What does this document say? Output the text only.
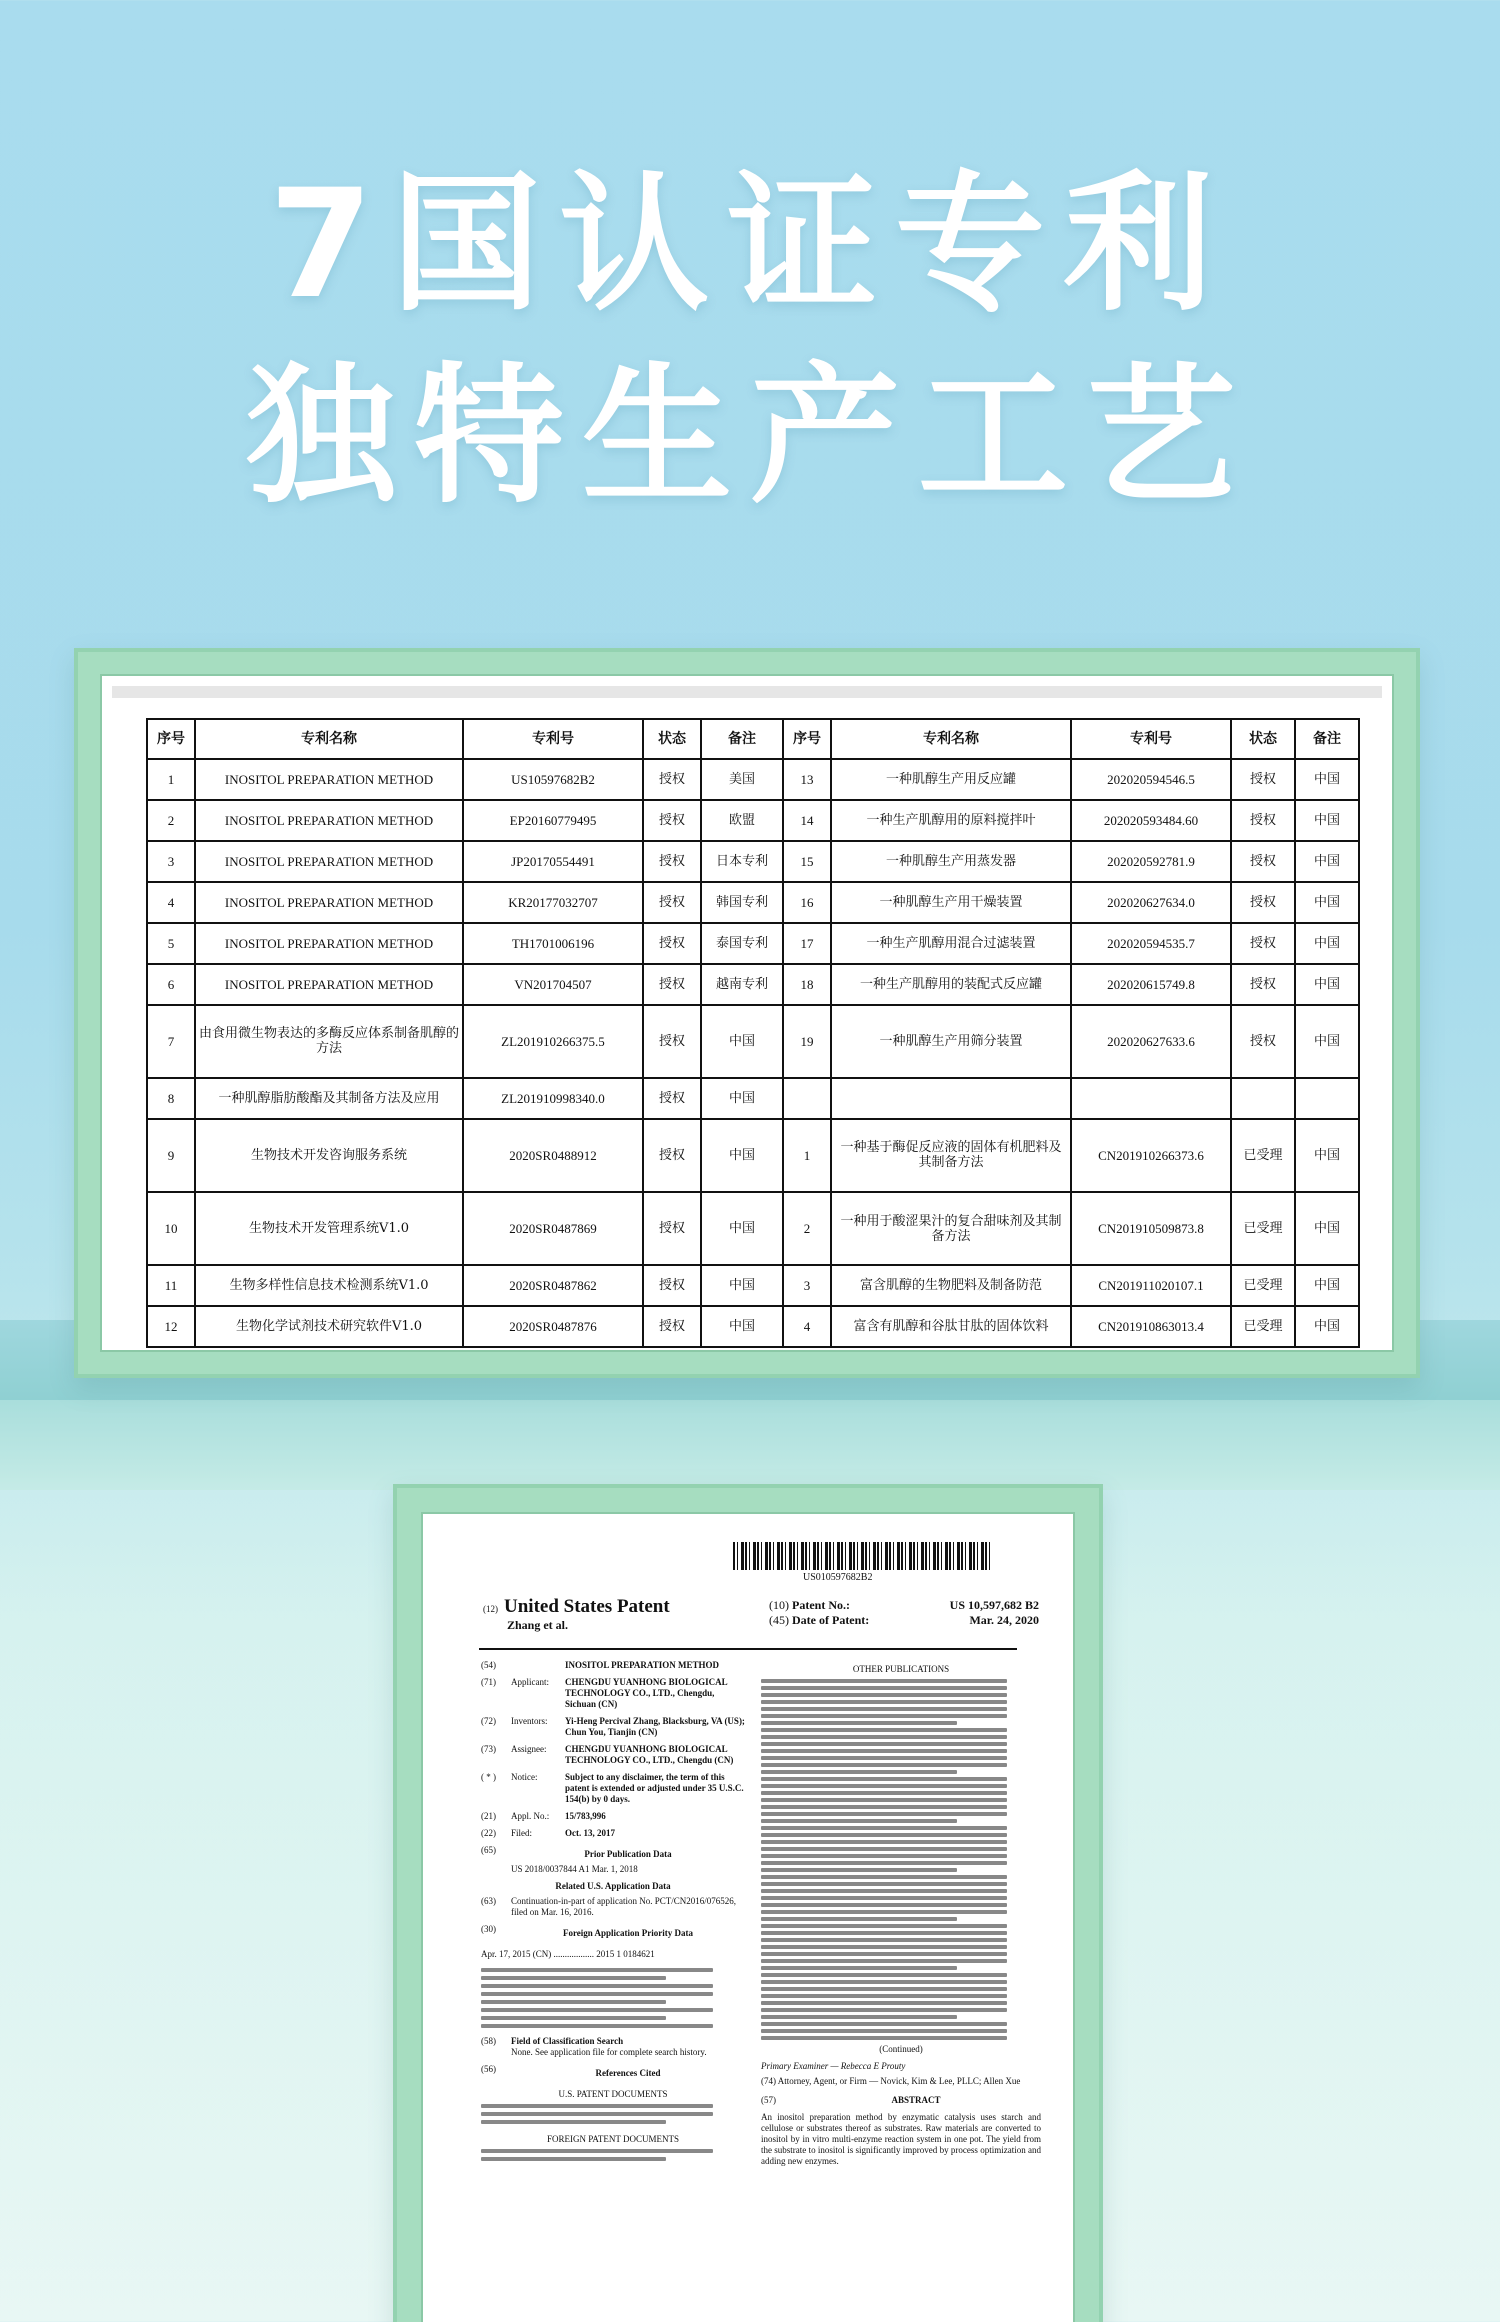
7国认证专利
独特生产工艺
序号	专利名称	专利号	状态	备注	序号	专利名称	专利号	状态	备注
1	INOSITOL PREPARATION METHOD	US10597682B2	授权	美国	13	一种肌醇生产用反应罐	202020594546.5	授权	中国
2	INOSITOL PREPARATION METHOD	EP20160779495	授权	欧盟	14	一种生产肌醇用的原料搅拌叶	202020593484.60	授权	中国
3	INOSITOL PREPARATION METHOD	JP20170554491	授权	日本专利	15	一种肌醇生产用蒸发器	202020592781.9	授权	中国
4	INOSITOL PREPARATION METHOD	KR20177032707	授权	韩国专利	16	一种肌醇生产用干燥装置	202020627634.0	授权	中国
5	INOSITOL PREPARATION METHOD	TH1701006196	授权	泰国专利	17	一种生产肌醇用混合过滤装置	202020594535.7	授权	中国
6	INOSITOL PREPARATION METHOD	VN201704507	授权	越南专利	18	一种生产肌醇用的装配式反应罐	202020615749.8	授权	中国
7	由食用微生物表达的多酶反应体系制备肌醇的方法	ZL201910266375.5	授权	中国	19	一种肌醇生产用筛分装置	202020627633.6	授权	中国
8	一种肌醇脂肪酸酯及其制备方法及应用	ZL201910998340.0	授权	中国					
9	生物技术开发咨询服务系统	2020SR0488912	授权	中国	1	一种基于酶促反应液的固体有机肥料及其制备方法	CN201910266373.6	已受理	中国
10	生物技术开发管理系统V1.0	2020SR0487869	授权	中国	2	一种用于酸涩果汁的复合甜味剂及其制备方法	CN201910509873.8	已受理	中国
11	生物多样性信息技术检测系统V1.0	2020SR0487862	授权	中国	3	富含肌醇的生物肥料及制备防范	CN201911020107.1	已受理	中国
12	生物化学试剂技术研究软件V1.0	2020SR0487876	授权	中国	4	富含有肌醇和谷肽甘肽的固体饮料	CN201910863013.4	已受理	中国
US010597682B2
(12) United States Patent
Zhang et al.
(10) Patent No.:	US 10,597,682 B2
(45) Date of Patent:	Mar. 24, 2020
(54)	INOSITOL PREPARATION METHOD
(71)	Applicant:	CHENGDU YUANHONG BIOLOGICAL TECHNOLOGY CO., LTD., Chengdu, Sichuan (CN)
(72)	Inventors:	Yi-Heng Percival Zhang, Blacksburg, VA (US); Chun You, Tianjin (CN)
(73)	Assignee:	CHENGDU YUANHONG BIOLOGICAL TECHNOLOGY CO., LTD., Chengdu (CN)
( * )	Notice:	Subject to any disclaimer, the term of this patent is extended or adjusted under 35 U.S.C. 154(b) by 0 days.
(21)	Appl. No.:	15/783,996
(22)	Filed:	Oct. 13, 2017
(65)	Prior Publication Data
US 2018/0037844 A1 Mar. 1, 2018
Related U.S. Application Data
(63)	Continuation-in-part of application No. PCT/CN2016/076526, filed on Mar. 16, 2016.
(30)	Foreign Application Priority Data
Apr. 17, 2015 (CN) .................. 2015 1 0184621
(58)	Field of Classification Search
None. See application file for complete search history.
(56)	References Cited
U.S. PATENT DOCUMENTS
FOREIGN PATENT DOCUMENTS
OTHER PUBLICATIONS
(Continued)
Primary Examiner — Rebecca E Prouty
(74) Attorney, Agent, or Firm — Novick, Kim & Lee, PLLC; Allen Xue
(57)	ABSTRACT
An inositol preparation method by enzymatic catalysis uses starch and cellulose or substrates thereof as substrates. Raw materials are converted to inositol by in vitro multi-enzyme reaction system in one pot. The yield from the substrate to inositol is significantly improved by process optimization and adding new enzymes.
